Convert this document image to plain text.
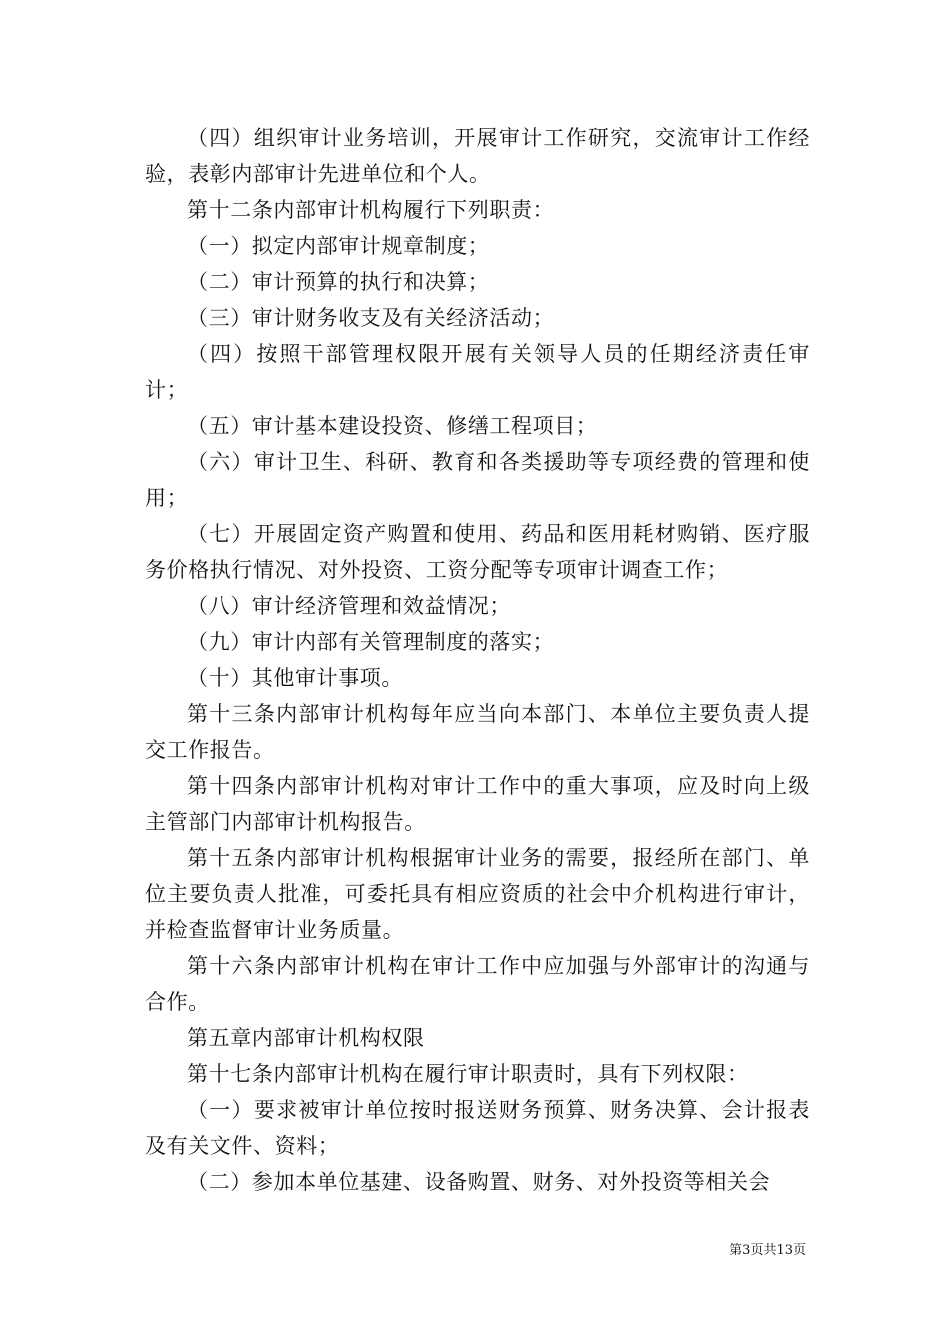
（四）组织审计业务培训，开展审计工作研究，交流审计工作经验，表彰内部审计先进单位和个人。

第十二条内部审计机构履行下列职责：

（一）拟定内部审计规章制度；

（二）审计预算的执行和决算；

（三）审计财务收支及有关经济活动；

（四）按照干部管理权限开展有关领导人员的任期经济责任审计；

（五）审计基本建设投资、修缮工程项目；

（六）审计卫生、科研、教育和各类援助等专项经费的管理和使用；

（七）开展固定资产购置和使用、药品和医用耗材购销、医疗服务价格执行情况、对外投资、工资分配等专项审计调查工作；

（八）审计经济管理和效益情况；

（九）审计内部有关管理制度的落实；

（十）其他审计事项。

第十三条内部审计机构每年应当向本部门、本单位主要负责人提交工作报告。

第十四条内部审计机构对审计工作中的重大事项，应及时向上级主管部门内部审计机构报告。

第十五条内部审计机构根据审计业务的需要，报经所在部门、单位主要负责人批准，可委托具有相应资质的社会中介机构进行审计，并检查监督审计业务质量。

第十六条内部审计机构在审计工作中应加强与外部审计的沟通与合作。

第五章内部审计机构权限

第十七条内部审计机构在履行审计职责时，具有下列权限：

（一）要求被审计单位按时报送财务预算、财务决算、会计报表及有关文件、资料；

（二）参加本单位基建、设备购置、财务、对外投资等相关会

第3页共13页
